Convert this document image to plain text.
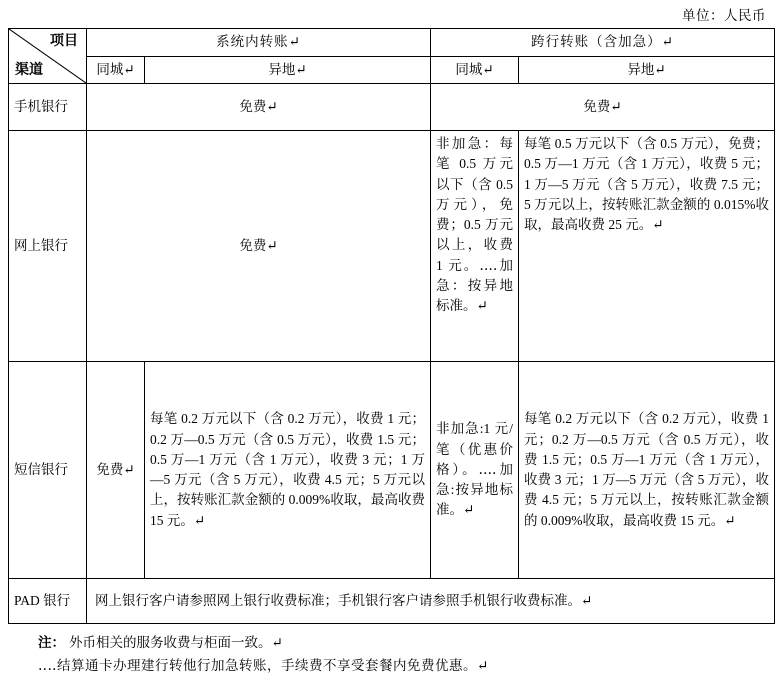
单位：人民币
项目
渠道	系统内转账↵		跨行转账（含加急）↵	
	同城↵	异地↵	同城↵	异地↵
手机银行	免费↵		免费↵	
网上银行	免费↵		非加急：每笔 0.5 万元以下（含 0.5 万元），免费；0.5 万元以上，收费 1 元。‥‥加急：按异地标准。↵	每笔 0.5 万元以下（含 0.5 万元），免费；0.5 万—1 万元（含 1 万元），收费 5 元；1 万—5 万元（含 5 万元），收费 7.5 元；5 万元以上，按转账汇款金额的 0.015%收取，最高收费 25 元。↵
短信银行	免费↵	每笔 0.2 万元以下（含 0.2 万元），收费 1 元；0.2 万—0.5 万元（含 0.5 万元），收费 1.5 元；0.5 万—1 万元（含 1 万元），收费 3 元；1 万—5 万元（含 5 万元），收费 4.5 元；5 万元以上，按转账汇款金额的 0.009%收取，最高收费 15 元。↵	非加急:1 元/笔（优惠价格）。‥‥加急:按异地标准。↵	每笔 0.2 万元以下（含 0.2 万元），收费 1 元；0.2 万—0.5 万元（含 0.5 万元），收费 1.5 元；0.5 万—1 万元（含 1 万元），收费 3 元；1 万—5 万元（含 5 万元），收费 4.5 元；5 万元以上，按转账汇款金额的 0.009%收取，最高收费 15 元。↵
PAD 银行	网上银行客户请参照网上银行收费标准；手机银行客户请参照手机银行收费标准。↵			
注： 外币相关的服务收费与柜面一致。↵
‥‥结算通卡办理建行转他行加急转账，手续费不享受套餐内免费优惠。↵
